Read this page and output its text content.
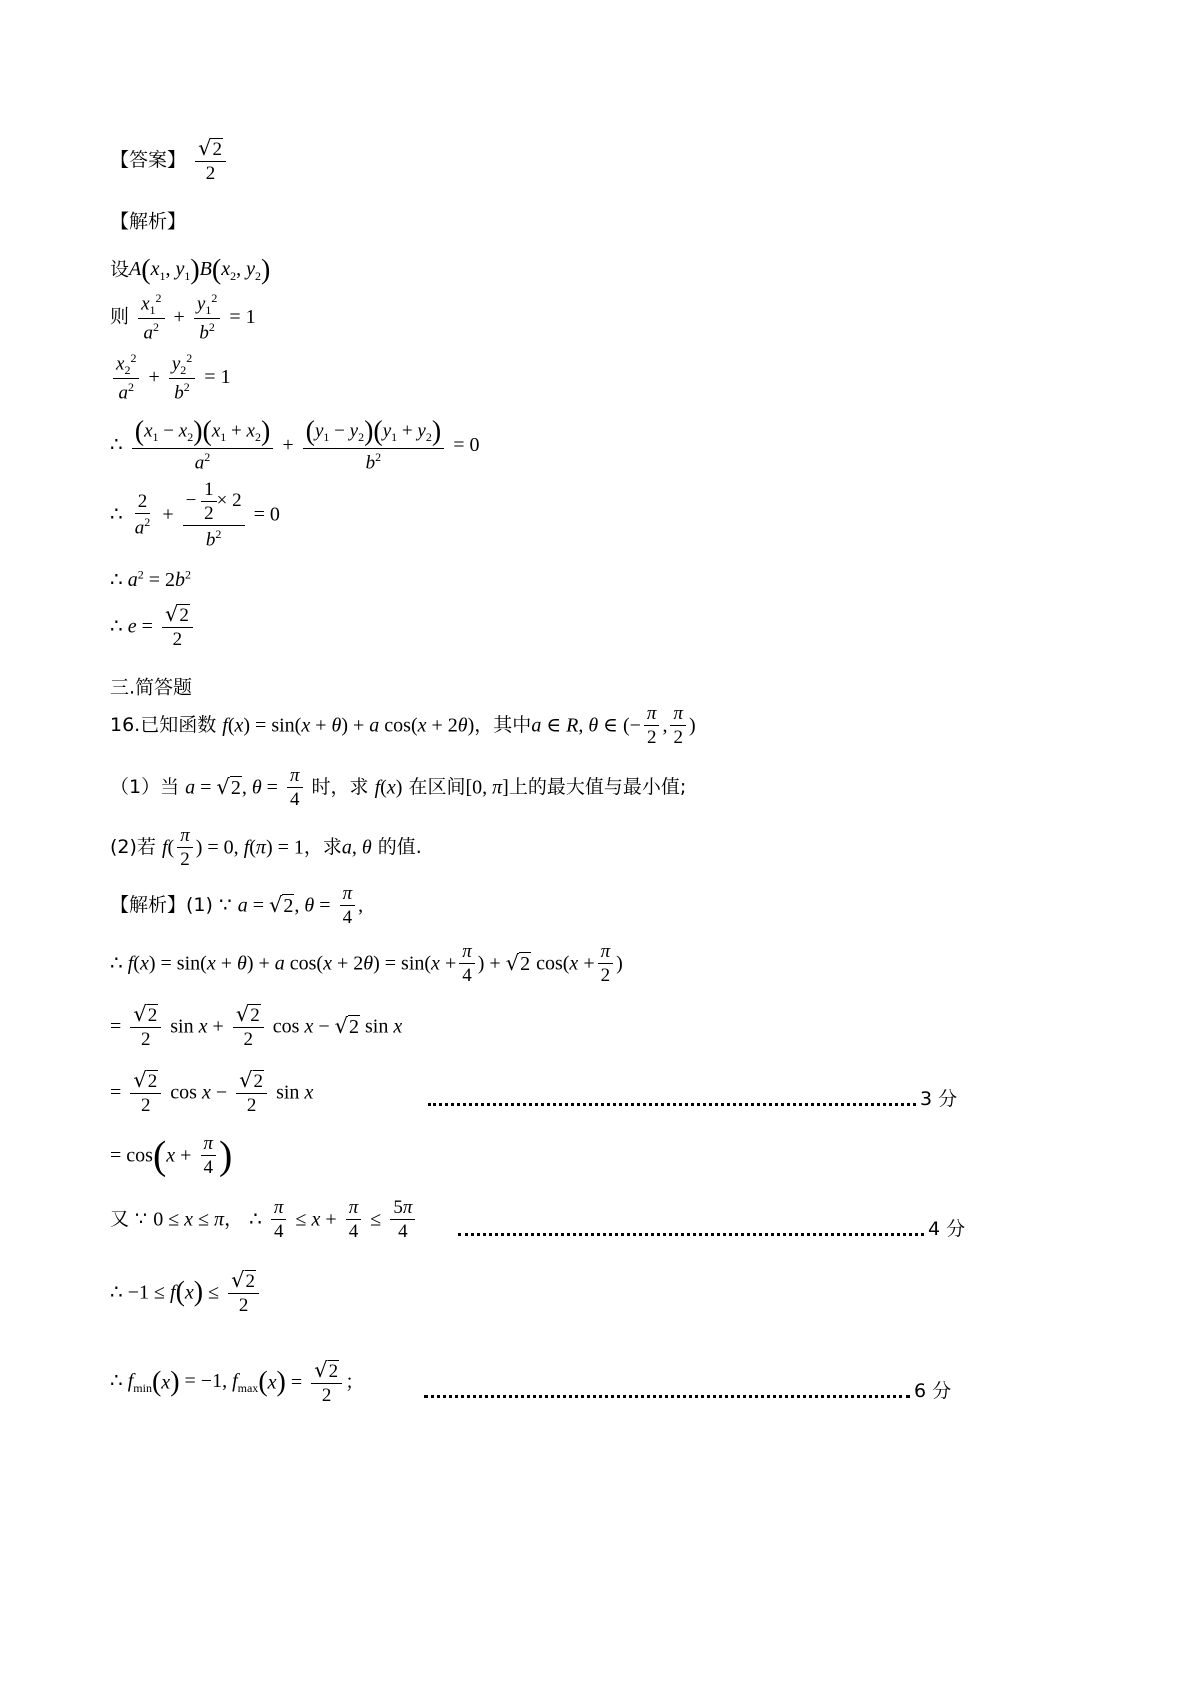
【答案】 $\frac{√2}{2}$
【解析】
设$A(x_1$, $y_1)B(x_2$, $y_2$)
则 $\frac{x_1^2}{a^2} + \frac{y_1^2}{b^2} = 1$
$\frac{x_2^2}{a^2} + \frac{y_2^2}{b^2} = 1$
∴ $\frac{(x_1 - x_2)(x_1 + x_2)}{a^2} + \frac{(y_1 - y_2)(y_1 + y_2)}{b^2} = 0$
∴ $\frac{2}{a^2} + \frac{- \frac{1}{2} \times 2}{b^2} = 0$
∴ $a^2 = 2b^2$
∴ $e = \frac{√2}{2}$
三.简答题
16.已知函数 f(x) = sin(x + θ) + a cos(x + 2θ)，其中a ∈ R, θ ∈ (− $\frac{\pi}{2}$ , $\frac{\pi}{2}$ )
（1）当 a = √2, $\theta = \frac{\pi}{4}$ 时，求 f(x) 在区间[0, π]上的最大值与最小值;
(2)若 $f( \frac{\pi}{2}$ ) = 0, f(π) = 1，求a, θ 的值.
【解析】(1) ∵ a = √2, $\theta = \frac{\pi}{4}$ ,
∴ f(x) = sin(x + θ) + a $\cos(x + 2\theta) = \sin(x + \frac{\pi}{4}$ ) + √2 $\cos(x + \frac{\pi}{2}$ )
= $\frac{√2}{2}$ $\sin x + \frac{√2}{2}$ cos x − √2 sin x
= $\frac{√2}{2}$ $\cos x - \frac{√2}{2}$ sin x	3 分
= $\cos(x + \frac{\pi}{4}$ )
又 ∵ 0 ≤ x ≤ π， ∴ $\frac{\pi}{4} \le x + \frac{\pi}{4} \le \frac{5\pi}{4}$	4 分
∴ $-1 \le f(x) \le \frac{√2}{2}$
∴ $f_{min}(x) = -1$, $f_{max}(x) = \frac{√2}{2}$ ；	6 分
